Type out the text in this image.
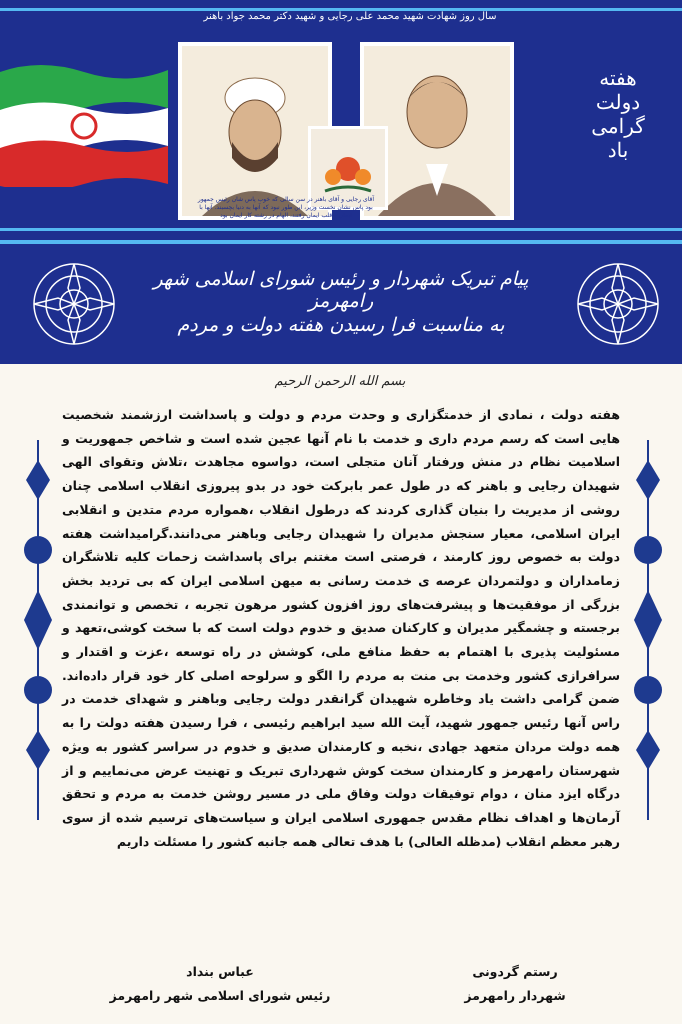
سال روز شهادت شهید محمد علی رجایی و شهید دکتر محمد جواد باهنر
آقای رجایی و آقای باهنر در سن سالی که خوب پاس شان رئیس جمهور بود پاس نشان نخست وزیر، این طور نبود که آنها به دنیا بچسبند. آنها با ایمان و قلب ایمان رفتند، الهام در رشته کار ایمان بود
هفته
دولت
گرامی
باد
پیام تبریک شهردار و رئیس شورای اسلامی شهر رامهرمز
به مناسبت فرا رسیدن هفته دولت و مردم
بسم الله الرحمن الرحیم

هفته دولت ، نمادی از خدمتگزاری و وحدت مردم و دولت و پاسداشت ارزشمند شخصیت هایی است که رسم مردم داری و خدمت با نام آنها عجین شده است و شاخص جمهوریت و اسلامیت نظام در منش ورفتار آنان متجلی است، دواسوه مجاهدت ،تلاش وتقوای الهی شهیدان رجایی و باهنر که در طول عمر بابرکت خود در بدو پیروزی انقلاب اسلامی چنان روشی از مدیریت را بنیان گذاری کردند که درطول انقلاب ،همواره مردم متدین و انقلابی ایران اسلامی، معیار سنجش مدیران را شهیدان رجایی وباهنر می‌دانند.گرامیداشت هفته دولت به خصوص روز کارمند ، فرصتی است مغتنم برای پاسداشت زحمات کلیه تلاشگران زمامداران و دولتمردان عرصه ی خدمت رسانی به میهن اسلامی ایران که بی تردید بخش بزرگی از موفقیت‌ها و پیشرفت‌های روز افزون کشور مرهون تجربه ، تخصص و توانمندی برجسته و چشمگیر مدیران و کارکنان صدیق و خدوم دولت است که با سخت کوشی،تعهد و مسئولیت پذیری با اهتمام به حفظ منافع ملی، کوشش در راه توسعه ،عزت و اقتدار و سرافرازی کشور وخدمت بی منت به مردم را الگو و سرلوحه اصلی کار خود قرار داده‌اند. ضمن گرامی داشت یاد وخاطره شهیدان گرانقدر دولت رجایی وباهنر و شهدای خدمت در راس آنها رئیس جمهور شهید، آیت الله سید ابراهیم رئیسی ، فرا رسیدن هفته دولت را به همه دولت مردان متعهد جهادی ،نخبه و کارمندان صدیق و خدوم در سراسر کشور به ویژه شهرستان رامهرمز و کارمندان سخت کوش شهرداری تبریک و تهنیت عرض می‌نماییم و از درگاه ایزد منان ، دوام توفیقات دولت وفاق ملی در مسیر روشن خدمت به مردم و تحقق آرمان‌ها و اهداف نظام مقدس جمهوری اسلامی ایران و سیاست‌های ترسیم شده از سوی رهبر معظم انقلاب (مدظله العالی) با هدف تعالی همه جانبه کشور را مسئلت داریم

رستم گردونی
شهردار رامهرمز
عباس بنداد
رئیس شورای اسلامی شهر رامهرمز
